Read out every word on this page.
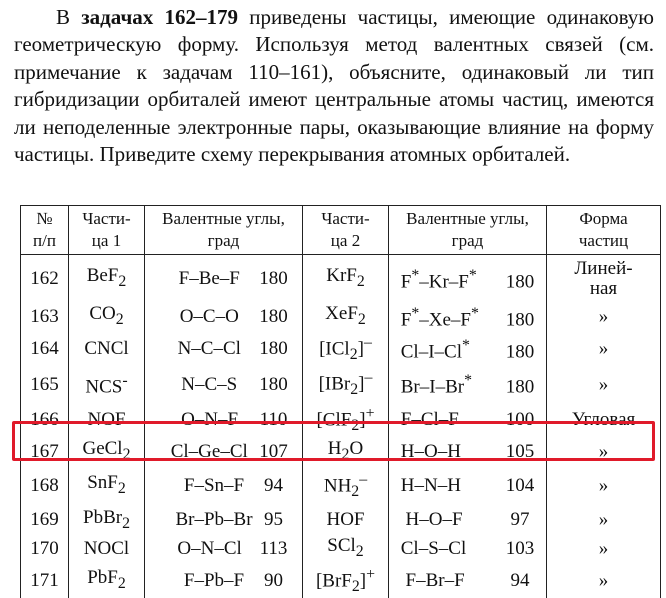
В задачах 162–179 приведены частицы, имеющие одинаковую геометрическую форму. Используя метод валентных связей (см. примечание к задачам 110–161), объясните, одинаковый ли тип гибридизации орбиталей имеют центральные атомы частиц, имеются ли неподеленные электронные пары, оказывающие влияние на форму частицы. Приведите схему перекрывания атомных орбиталей.

№ п/п	Части-ца 1	Валентные углы, град	Части-ца 2	Валентные углы, град	Форма частиц

162	BeF$_2$	F–Be–F 180	KrF$_2$	F*–Kr–F* 180	Линей-
ная
163	$CO_2$	O–C–O 180	XeF$_2$	F*–Xe–F* 180	»
164	CNCl	N–C–Cl 180	[ICl$_2$]–	Cl–I–Cl* 180	»
165	NCS-	N–C–S 180	[IBr$_2$]–	Br–I–Br* 180	»
166	NOF	O–N–F 110	[ClF$_2$]+	F–Cl–F 100	Угловая
167	GeCl$_2$	Cl–Ge–Cl 107	$H_2O$	H–O–H 105	»
168	SnF$_2$	F–Sn–F 94	$NH_2^-$	H–N–H 104	»
169	PbBr$_2$	Br–Pb–Br 95	HOF	H–O–F 97	»
170	NOCl	O–N–Cl 113	SCl$_2$	Cl–S–Cl 103	»
171	PbF$_2$	F–Pb–F 90	[BrF$_2$]+	F–Br–F 94	»
